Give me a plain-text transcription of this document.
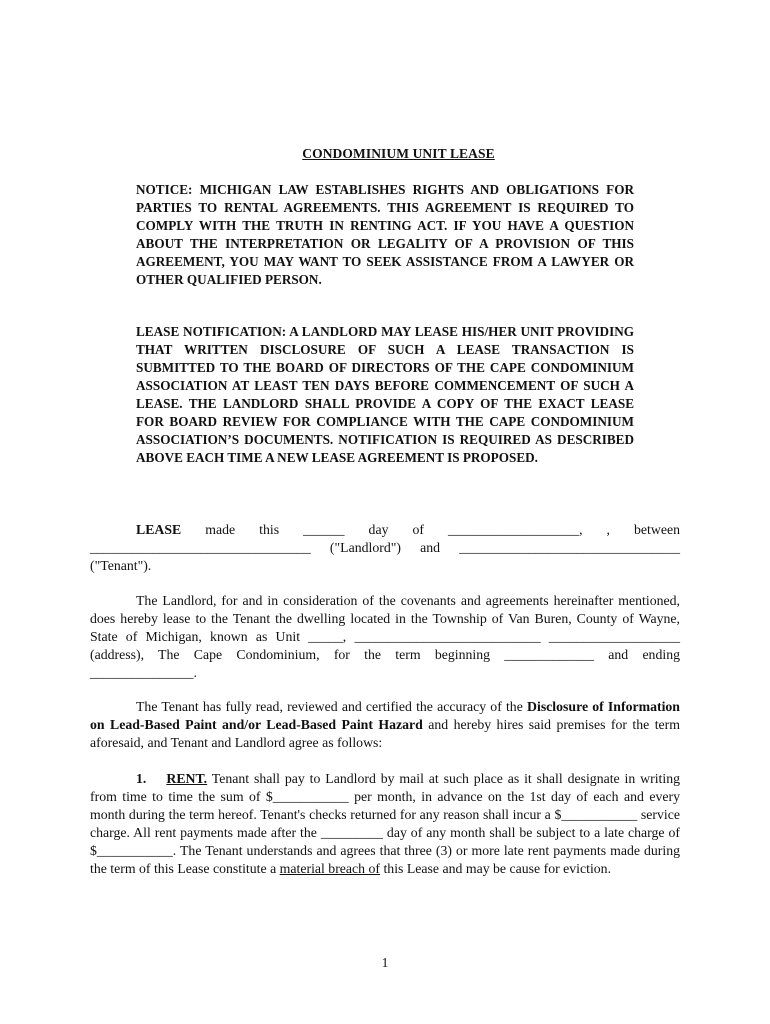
CONDOMINIUM UNIT LEASE
NOTICE: MICHIGAN LAW ESTABLISHES RIGHTS AND OBLIGATIONS FOR PARTIES TO RENTAL AGREEMENTS. THIS AGREEMENT IS REQUIRED TO COMPLY WITH THE TRUTH IN RENTING ACT. IF YOU HAVE A QUESTION ABOUT THE INTERPRETATION OR LEGALITY OF A PROVISION OF THIS AGREEMENT, YOU MAY WANT TO SEEK ASSISTANCE FROM A LAWYER OR OTHER QUALIFIED PERSON.
LEASE NOTIFICATION: A LANDLORD MAY LEASE HIS/HER UNIT PROVIDING THAT WRITTEN DISCLOSURE OF SUCH A LEASE TRANSACTION IS SUBMITTED TO THE BOARD OF DIRECTORS OF THE CAPE CONDOMINIUM ASSOCIATION AT LEAST TEN DAYS BEFORE COMMENCEMENT OF SUCH A LEASE. THE LANDLORD SHALL PROVIDE A COPY OF THE EXACT LEASE FOR BOARD REVIEW FOR COMPLIANCE WITH THE CAPE CONDOMINIUM ASSOCIATION’S DOCUMENTS. NOTIFICATION IS REQUIRED AS DESCRIBED ABOVE EACH TIME A NEW LEASE AGREEMENT IS PROPOSED.
LEASE made this ______ day of ___________________, , between ________________________________ ("Landlord") and ________________________________ ("Tenant").
The Landlord, for and in consideration of the covenants and agreements hereinafter mentioned, does hereby lease to the Tenant the dwelling located in the Township of Van Buren, County of Wayne, State of Michigan, known as Unit _____, ___________________________ ___________________ (address), The Cape Condominium, for the term beginning _____________ and ending _______________.
The Tenant has fully read, reviewed and certified the accuracy of the Disclosure of Information on Lead-Based Paint and/or Lead-Based Paint Hazard and hereby hires said premises for the term aforesaid, and Tenant and Landlord agree as follows:
1. RENT. Tenant shall pay to Landlord by mail at such place as it shall designate in writing from time to time the sum of $___________ per month, in advance on the 1st day of each and every month during the term hereof. Tenant's checks returned for any reason shall incur a $___________ service charge. All rent payments made after the _________ day of any month shall be subject to a late charge of $___________. The Tenant understands and agrees that three (3) or more late rent payments made during the term of this Lease constitute a material breach of this Lease and may be cause for eviction.
1
